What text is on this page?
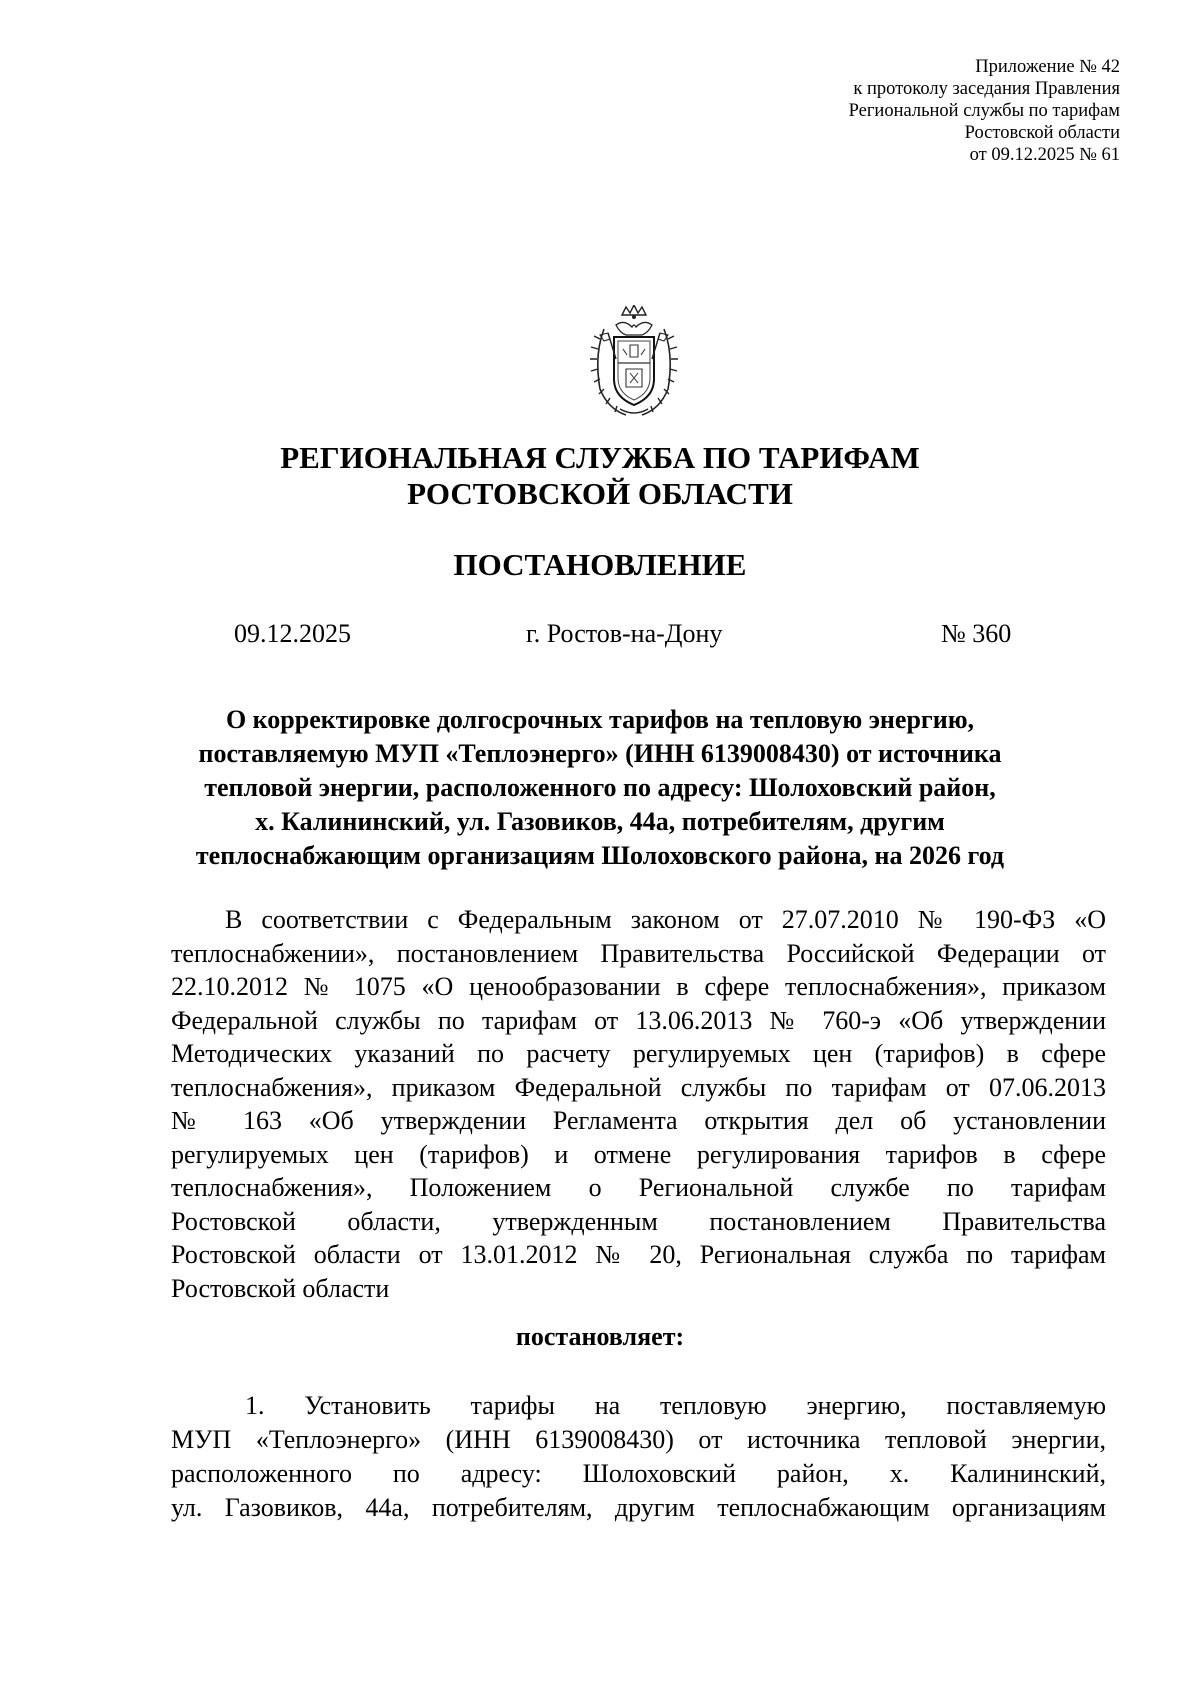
Приложение № 42
к протоколу заседания Правления
Региональной службы по тарифам
Ростовской области
от 09.12.2025 № 61
РЕГИОНАЛЬНАЯ СЛУЖБА ПО ТАРИФАМ
РОСТОВСКОЙ ОБЛАСТИ
ПОСТАНОВЛЕНИЕ
09.12.2025	г. Ростов-на-Дону	№ 360
О корректировке долгосрочных тарифов на тепловую энергию,
поставляемую МУП «Теплоэнерго» (ИНН 6139008430) от источника
тепловой энергии, расположенного по адресу: Шолоховский район,
х. Калининский, ул. Газовиков, 44а, потребителям, другим
теплоснабжающим организациям Шолоховского района, на 2026 год
В соответствии с Федеральным законом от 27.07.2010 № 190-ФЗ «О
теплоснабжении», постановлением Правительства Российской Федерации от
22.10.2012 № 1075 «О ценообразовании в сфере теплоснабжения», приказом
Федеральной службы по тарифам от 13.06.2013 № 760-э «Об утверждении
Методических указаний по расчету регулируемых цен (тарифов) в сфере
теплоснабжения», приказом Федеральной службы по тарифам от 07.06.2013
№ 163 «Об утверждении Регламента открытия дел об установлении
регулируемых цен (тарифов) и отмене регулирования тарифов в сфере
теплоснабжения», Положением о Региональной службе по тарифам
Ростовской области, утвержденным постановлением Правительства
Ростовской области от 13.01.2012 № 20, Региональная служба по тарифам
Ростовской области
постановляет:
1. Установить тарифы на тепловую энергию, поставляемую
МУП «Теплоэнерго» (ИНН 6139008430) от источника тепловой энергии,
расположенного по адресу: Шолоховский район, х. Калининский,
ул. Газовиков, 44а, потребителям, другим теплоснабжающим организациям
